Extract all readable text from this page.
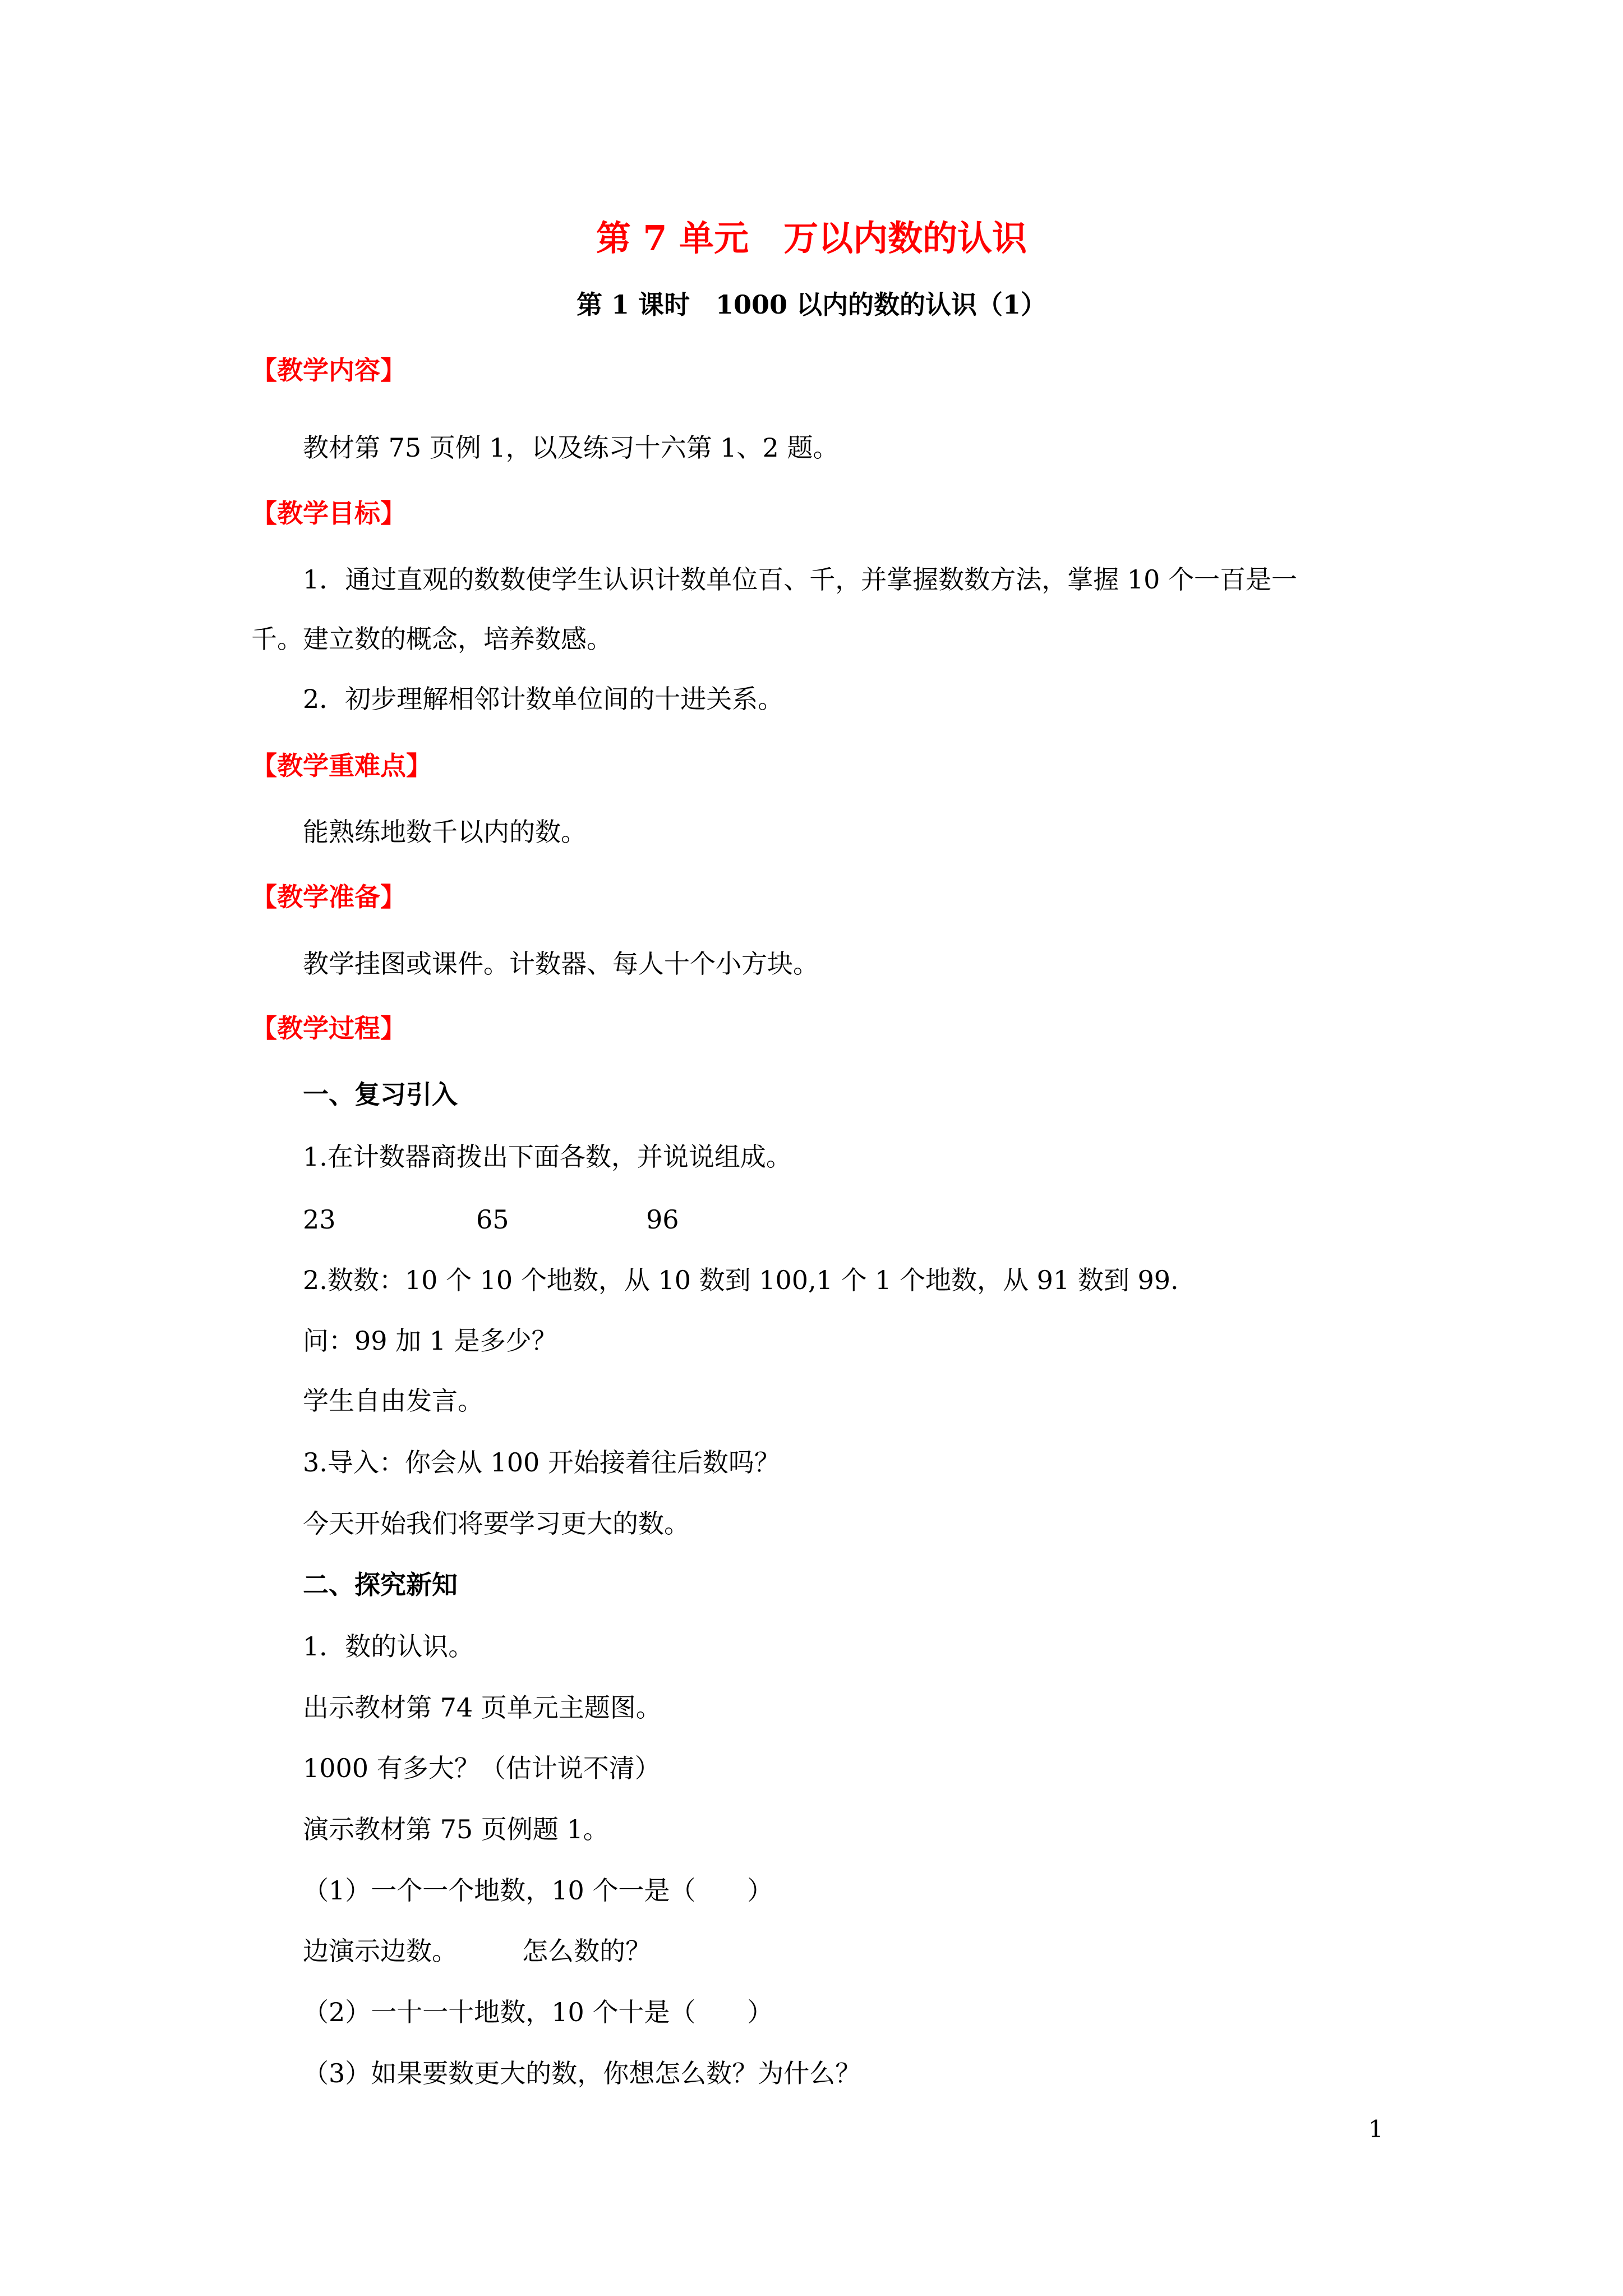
第 7 单元　万以内数的认识
第 1 课时　1000 以内的数的认识（1）
【教学内容】
教材第 75 页例 1，以及练习十六第 1、2 题。
【教学目标】
1．通过直观的数数使学生认识计数单位百、千，并掌握数数方法，掌握 10 个一百是一
千。建立数的概念，培养数感。
2．初步理解相邻计数单位间的十进关系。
【教学重难点】
能熟练地数千以内的数。
【教学准备】
教学挂图或课件。计数器、每人十个小方块。
【教学过程】
一、复习引入
1.在计数器商拨出下面各数，并说说组成。
23	65	96
2.数数：10 个 10 个地数，从 10 数到 100,1 个 1 个地数，从 91 数到 99.
问：99 加 1 是多少？
学生自由发言。
3.导入：你会从 100 开始接着往后数吗？
今天开始我们将要学习更大的数。
二、探究新知
1．数的认识。
出示教材第 74 页单元主题图。
1000 有多大？（估计说不清）
演示教材第 75 页例题 1。
（1）一个一个地数，10 个一是（　　）
边演示边数。　　　怎么数的？
（2）一十一十地数，10 个十是（　　）
（3）如果要数更大的数，你想怎么数？为什么？
1
